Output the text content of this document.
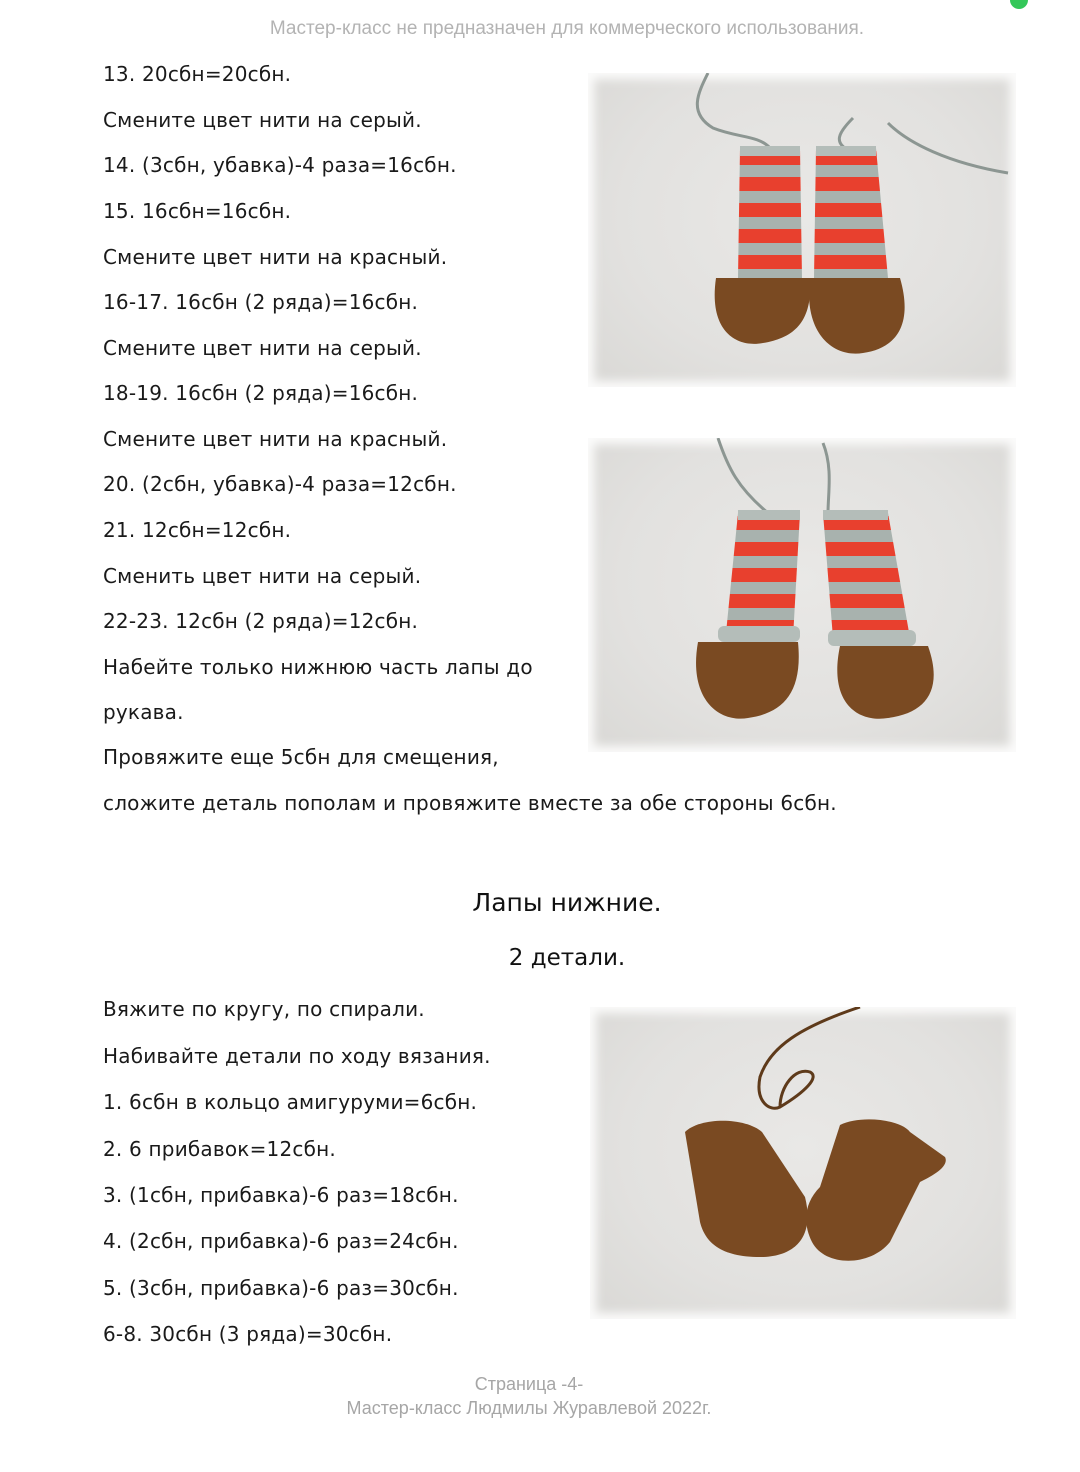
Мастер-класс не предназначен для коммерческого использования.
13. 20сбн=20сбн.
Смените цвет нити на серый.
14. (3сбн, убавка)-4 раза=16сбн.
15. 16сбн=16сбн.
Смените цвет нити на красный.
16-17. 16сбн (2 ряда)=16сбн.
Смените цвет нити на серый.
18-19. 16сбн (2 ряда)=16сбн.
Смените цвет нити на красный.
20. (2сбн, убавка)-4 раза=12сбн.
21. 12сбн=12сбн.
Сменить цвет нити на серый.
22-23. 12сбн (2 ряда)=12сбн.
Набейте только нижнюю часть лапы до
рукава.
Провяжите еще 5сбн для смещения,
сложите деталь пополам и провяжите вместе за обе стороны 6сбн.
Лапы нижние.
2 детали.
Вяжите по кругу, по спирали.
Набивайте детали по ходу вязания.
1. 6сбн в кольцо амигуруми=6сбн.
2. 6 прибавок=12сбн.
3. (1сбн, прибавка)-6 раз=18сбн.
4. (2сбн, прибавка)-6 раз=24сбн.
5. (3сбн, прибавка)-6 раз=30сбн.
6-8. 30сбн (3 ряда)=30сбн.
Страница -4-
Мастер-класс Людмилы Журавлевой 2022г.
